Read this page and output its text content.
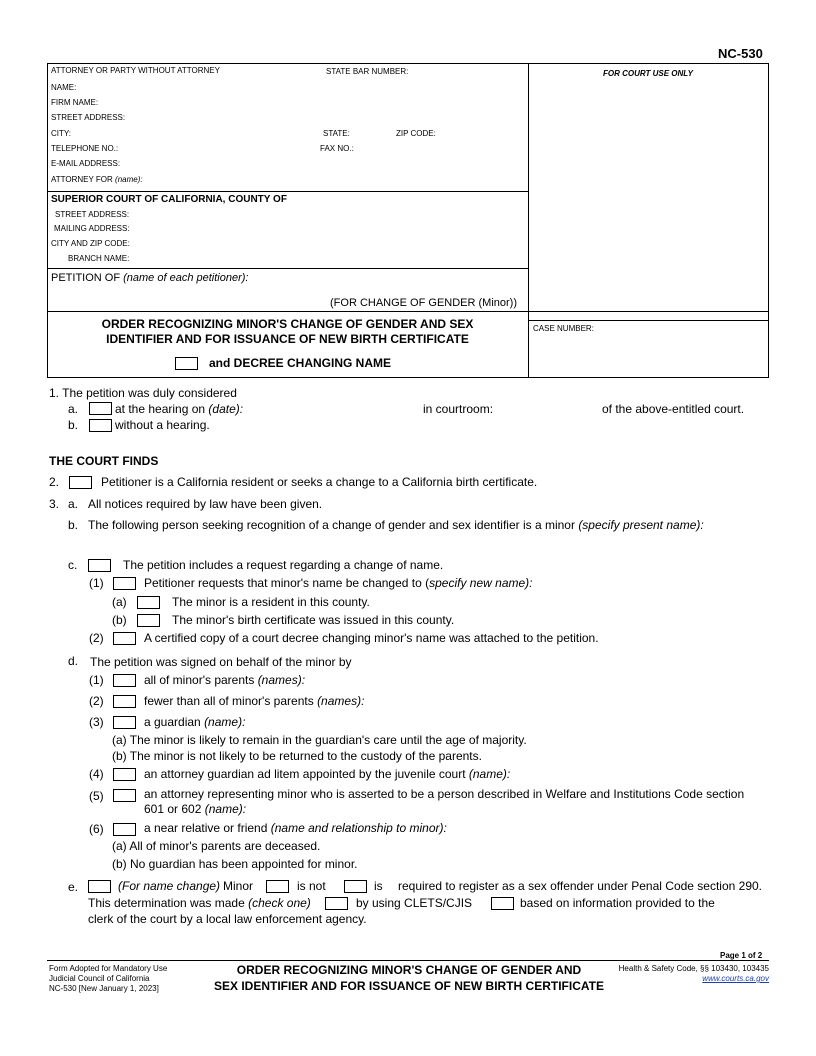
NC-530
ATTORNEY OR PARTY WITHOUT ATTORNEY	STATE BAR NUMBER:	FOR COURT USE ONLY
NAME:
FIRM NAME:
STREET ADDRESS:
CITY:	STATE:	ZIP CODE:
TELEPHONE NO.:	FAX NO.:
E-MAIL ADDRESS:
ATTORNEY FOR (name):
SUPERIOR COURT OF CALIFORNIA, COUNTY OF
STREET ADDRESS:
MAILING ADDRESS:
CITY AND ZIP CODE:
BRANCH NAME:
PETITION OF (name of each petitioner):
(FOR CHANGE OF GENDER (Minor))
ORDER RECOGNIZING MINOR'S CHANGE OF GENDER AND SEX
IDENTIFIER AND FOR ISSUANCE OF NEW BIRTH CERTIFICATE
and DECREE CHANGING NAME
CASE NUMBER:
1. The petition was duly considered
a.	at the hearing on (date):	in courtroom:	of the above-entitled court.
b.	without a hearing.
THE COURT FINDS
2.	Petitioner is a California resident or seeks a change to a California birth certificate.
3. a. All notices required by law have been given.
b. The following person seeking recognition of a change of gender and sex identifier is a minor (specify present name):
c.	The petition includes a request regarding a change of name.
(1)	Petitioner requests that minor's name be changed to (specify new name):
(a)	The minor is a resident in this county.
(b)	The minor's birth certificate was issued in this county.
(2)	A certified copy of a court decree changing minor's name was attached to the petition.
d. The petition was signed on behalf of the minor by
(1)	all of minor's parents (names):
(2)	fewer than all of minor's parents (names):
(3)	a guardian (name):
(a) The minor is likely to remain in the guardian's care until the age of majority.
(b) The minor is not likely to be returned to the custody of the parents.
(4)	an attorney guardian ad litem appointed by the juvenile court (name):
(5)	an attorney representing minor who is asserted to be a person described in Welfare and Institutions Code section
601 or 602 (name):
(6)	a near relative or friend (name and relationship to minor):
(a) All of minor's parents are deceased.
(b) No guardian has been appointed for minor.
e.	(For name change) Minor	is not	is required to register as a sex offender under Penal Code section 290.
This determination was made (check one)	by using CLETS/CJIS	based on information provided to the
clerk of the court by a local law enforcement agency.
Page 1 of 2
Form Adopted for Mandatory Use
Judicial Council of California
NC-530 [New January 1, 2023]
ORDER RECOGNIZING MINOR'S CHANGE OF GENDER AND
SEX IDENTIFIER AND FOR ISSUANCE OF NEW BIRTH CERTIFICATE
Health & Safety Code, §§ 103430, 103435
www.courts.ca.gov
